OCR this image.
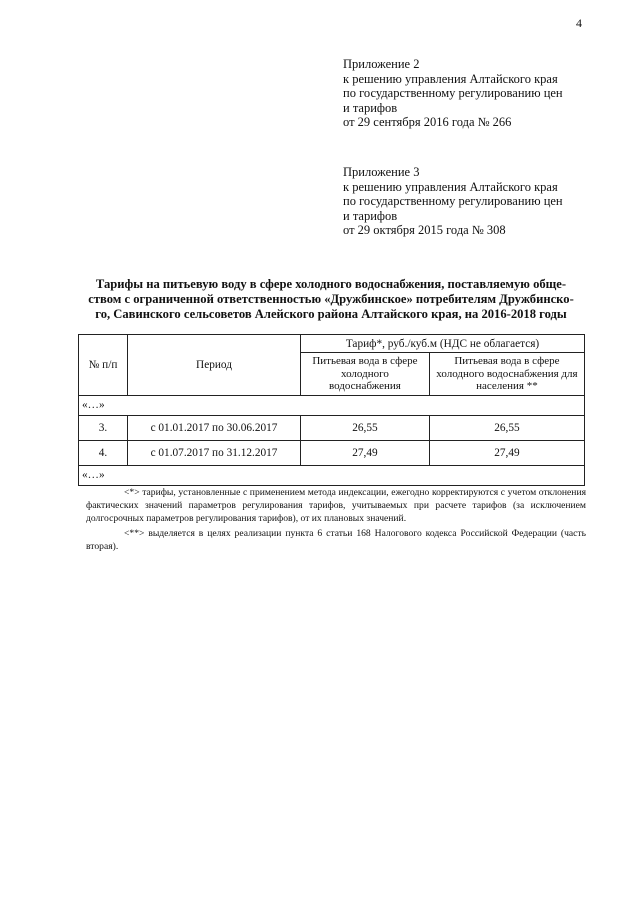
4
Приложение 2
к решению управления Алтайского края
по государственному регулированию цен
и тарифов
от 29 сентября 2016 года № 266
Приложение 3
к решению управления Алтайского края
по государственному регулированию цен
и тарифов
от 29 октября 2015 года № 308
Тарифы на питьевую воду в сфере холодного водоснабжения, поставляемую обще-
ством с ограниченной ответственностью «Дружбинское» потребителям Дружбинско-
го, Савинского сельсоветов Алейского района Алтайского края, на 2016-2018 годы
№ п/п	Период	Тариф*, руб./куб.м (НДС не облагается)	
		Питьевая вода в сфере холодного водоснабжения	Питьевая вода в сфере холодного водоснабжения для населения **
«…»			
3.	с 01.01.2017 по 30.06.2017	26,55	26,55
4.	с 01.07.2017 по 31.12.2017	27,49	27,49
«…»			

<*> тарифы, установленные с применением метода индексации, ежегодно корректируются с учетом отклонения фактических значений параметров регулирования тарифов, учитываемых при расчете тарифов (за исключением долгосрочных параметров регулирования тарифов), от их плановых значений.

<**> выделяется в целях реализации пункта 6 статьи 168 Налогового кодекса Российской Федерации (часть вторая).
